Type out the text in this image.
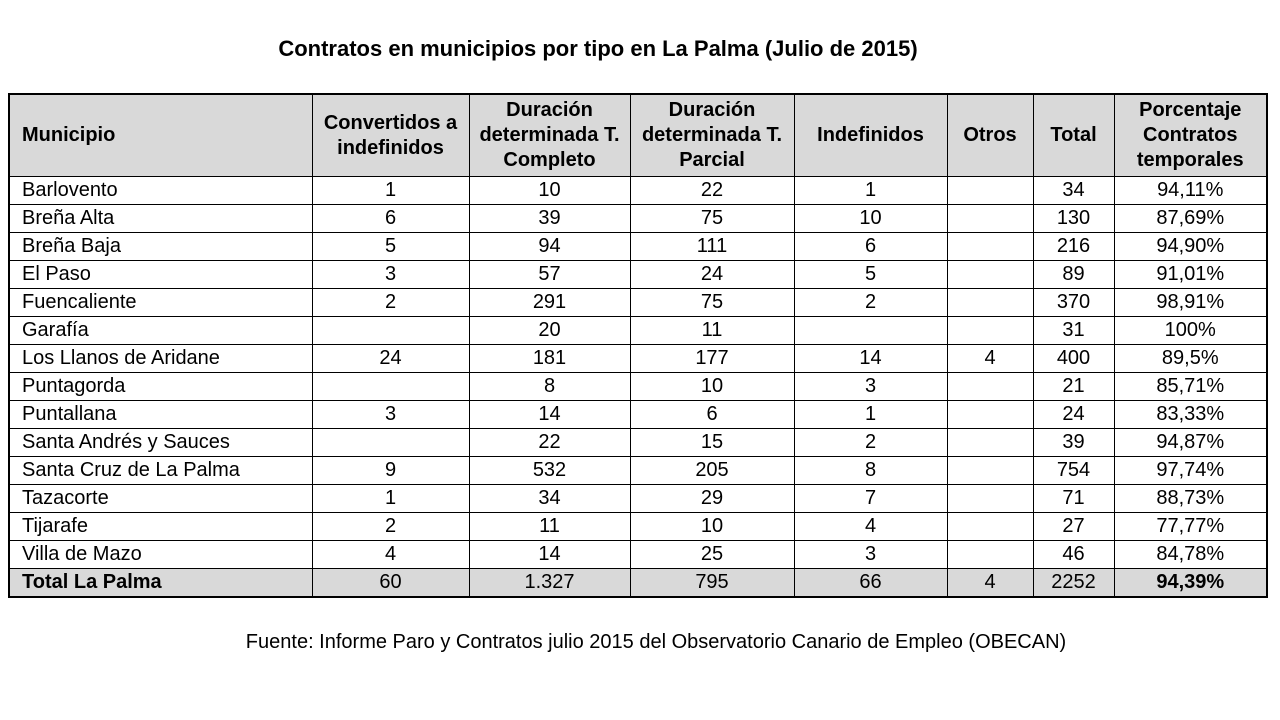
Contratos en municipios por tipo en La Palma (Julio de 2015)
Municipio	Convertidos a indefinidos	Duración determinada T. Completo	Duración determinada T. Parcial	Indefinidos	Otros	Total	Porcentaje Contratos temporales
Barlovento	1	10	22	1		34	94,11%
Breña Alta	6	39	75	10		130	87,69%
Breña Baja	5	94	111	6		216	94,90%
El Paso	3	57	24	5		89	91,01%
Fuencaliente	2	291	75	2		370	98,91%
Garafía		20	11			31	100%
Los Llanos de Aridane	24	181	177	14	4	400	89,5%
Puntagorda		8	10	3		21	85,71%
Puntallana	3	14	6	1		24	83,33%
Santa Andrés y Sauces		22	15	2		39	94,87%
Santa Cruz de La Palma	9	532	205	8		754	97,74%
Tazacorte	1	34	29	7		71	88,73%
Tijarafe	2	11	10	4		27	77,77%
Villa de Mazo	4	14	25	3		46	84,78%
Total La Palma	60	1.327	795	66	4	2252	94,39%
Fuente: Informe Paro y Contratos julio 2015 del Observatorio Canario de Empleo (OBECAN)
